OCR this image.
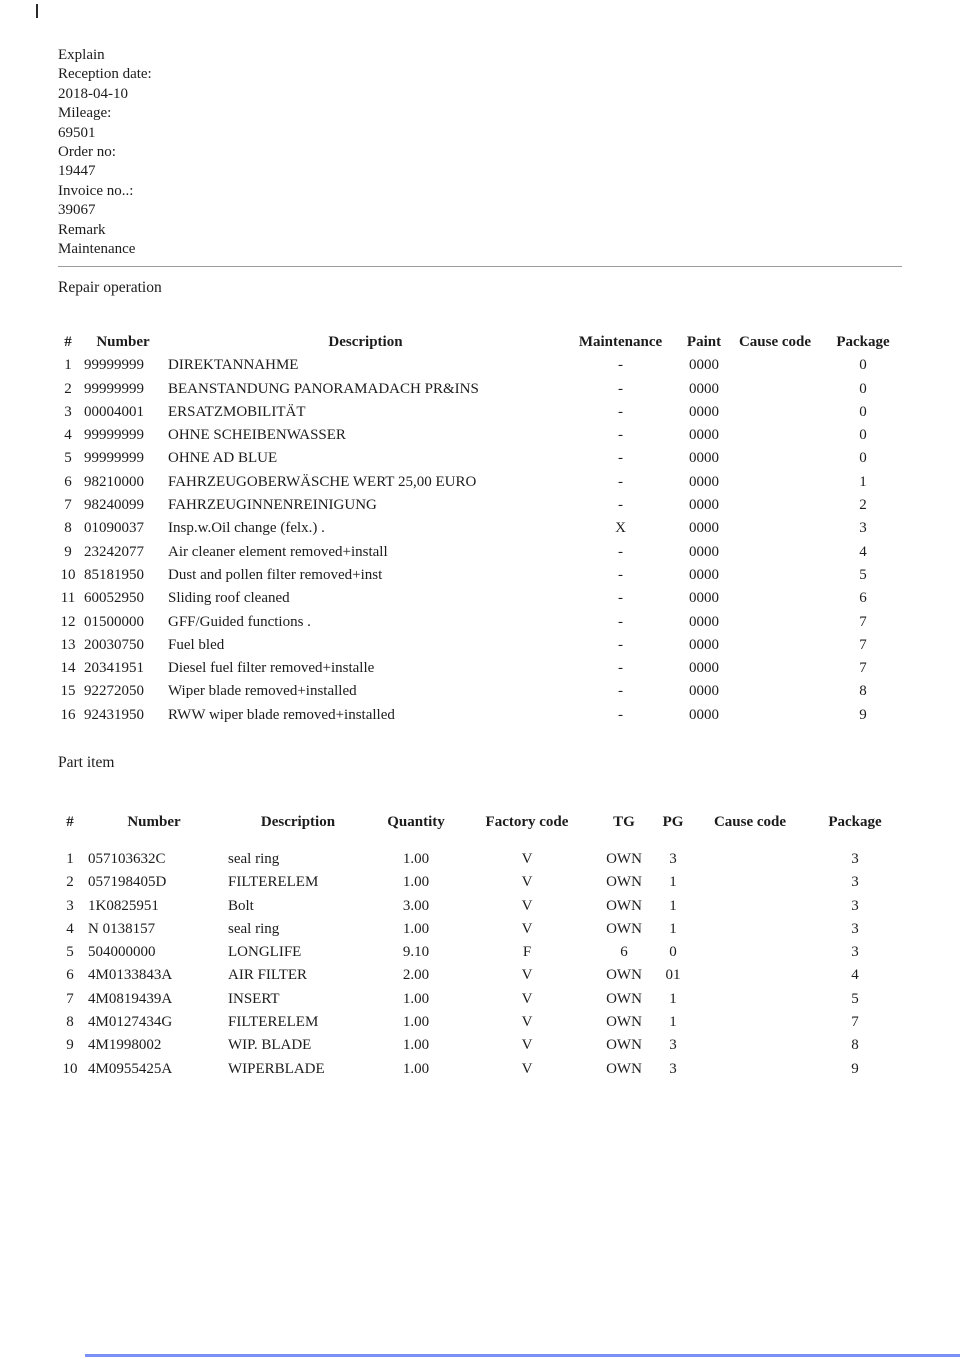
Explain
Reception date:
2018-04-10
Mileage:
69501
Order no:
19447
Invoice no..:
39067
Remark
Maintenance
Repair operation
#	Number	Description	Maintenance	Paint	Cause code	Package
1	99999999	DIREKTANNAHME	-	0000		0
2	99999999	BEANSTANDUNG PANORAMADACH PR&INS	-	0000		0
3	00004001	ERSATZMOBILITÄT	-	0000		0
4	99999999	OHNE SCHEIBENWASSER	-	0000		0
5	99999999	OHNE AD BLUE	-	0000		0
6	98210000	FAHRZEUGOBERWÄSCHE WERT 25,00 EURO	-	0000		1
7	98240099	FAHRZEUGINNENREINIGUNG	-	0000		2
8	01090037	Insp.w.Oil change (felx.) .	X	0000		3
9	23242077	Air cleaner element removed+install	-	0000		4
10	85181950	Dust and pollen filter removed+inst	-	0000		5
11	60052950	Sliding roof cleaned	-	0000		6
12	01500000	GFF/Guided functions .	-	0000		7
13	20030750	Fuel bled	-	0000		7
14	20341951	Diesel fuel filter removed+installe	-	0000		7
15	92272050	Wiper blade removed+installed	-	0000		8
16	92431950	RWW wiper blade removed+installed	-	0000		9
Part item
#	Number	Description	Quantity	Factory code	TG	PG	Cause code	Package
1	057103632C	seal ring	1.00	V	OWN	3		3
2	057198405D	FILTERELEM	1.00	V	OWN	1		3
3	1K0825951	Bolt	3.00	V	OWN	1		3
4	N 0138157	seal ring	1.00	V	OWN	1		3
5	504000000	LONGLIFE	9.10	F	6	0		3
6	4M0133843A	AIR FILTER	2.00	V	OWN	01		4
7	4M0819439A	INSERT	1.00	V	OWN	1		5
8	4M0127434G	FILTERELEM	1.00	V	OWN	1		7
9	4M1998002	WIP. BLADE	1.00	V	OWN	3		8
10	4M0955425A	WIPERBLADE	1.00	V	OWN	3		9
